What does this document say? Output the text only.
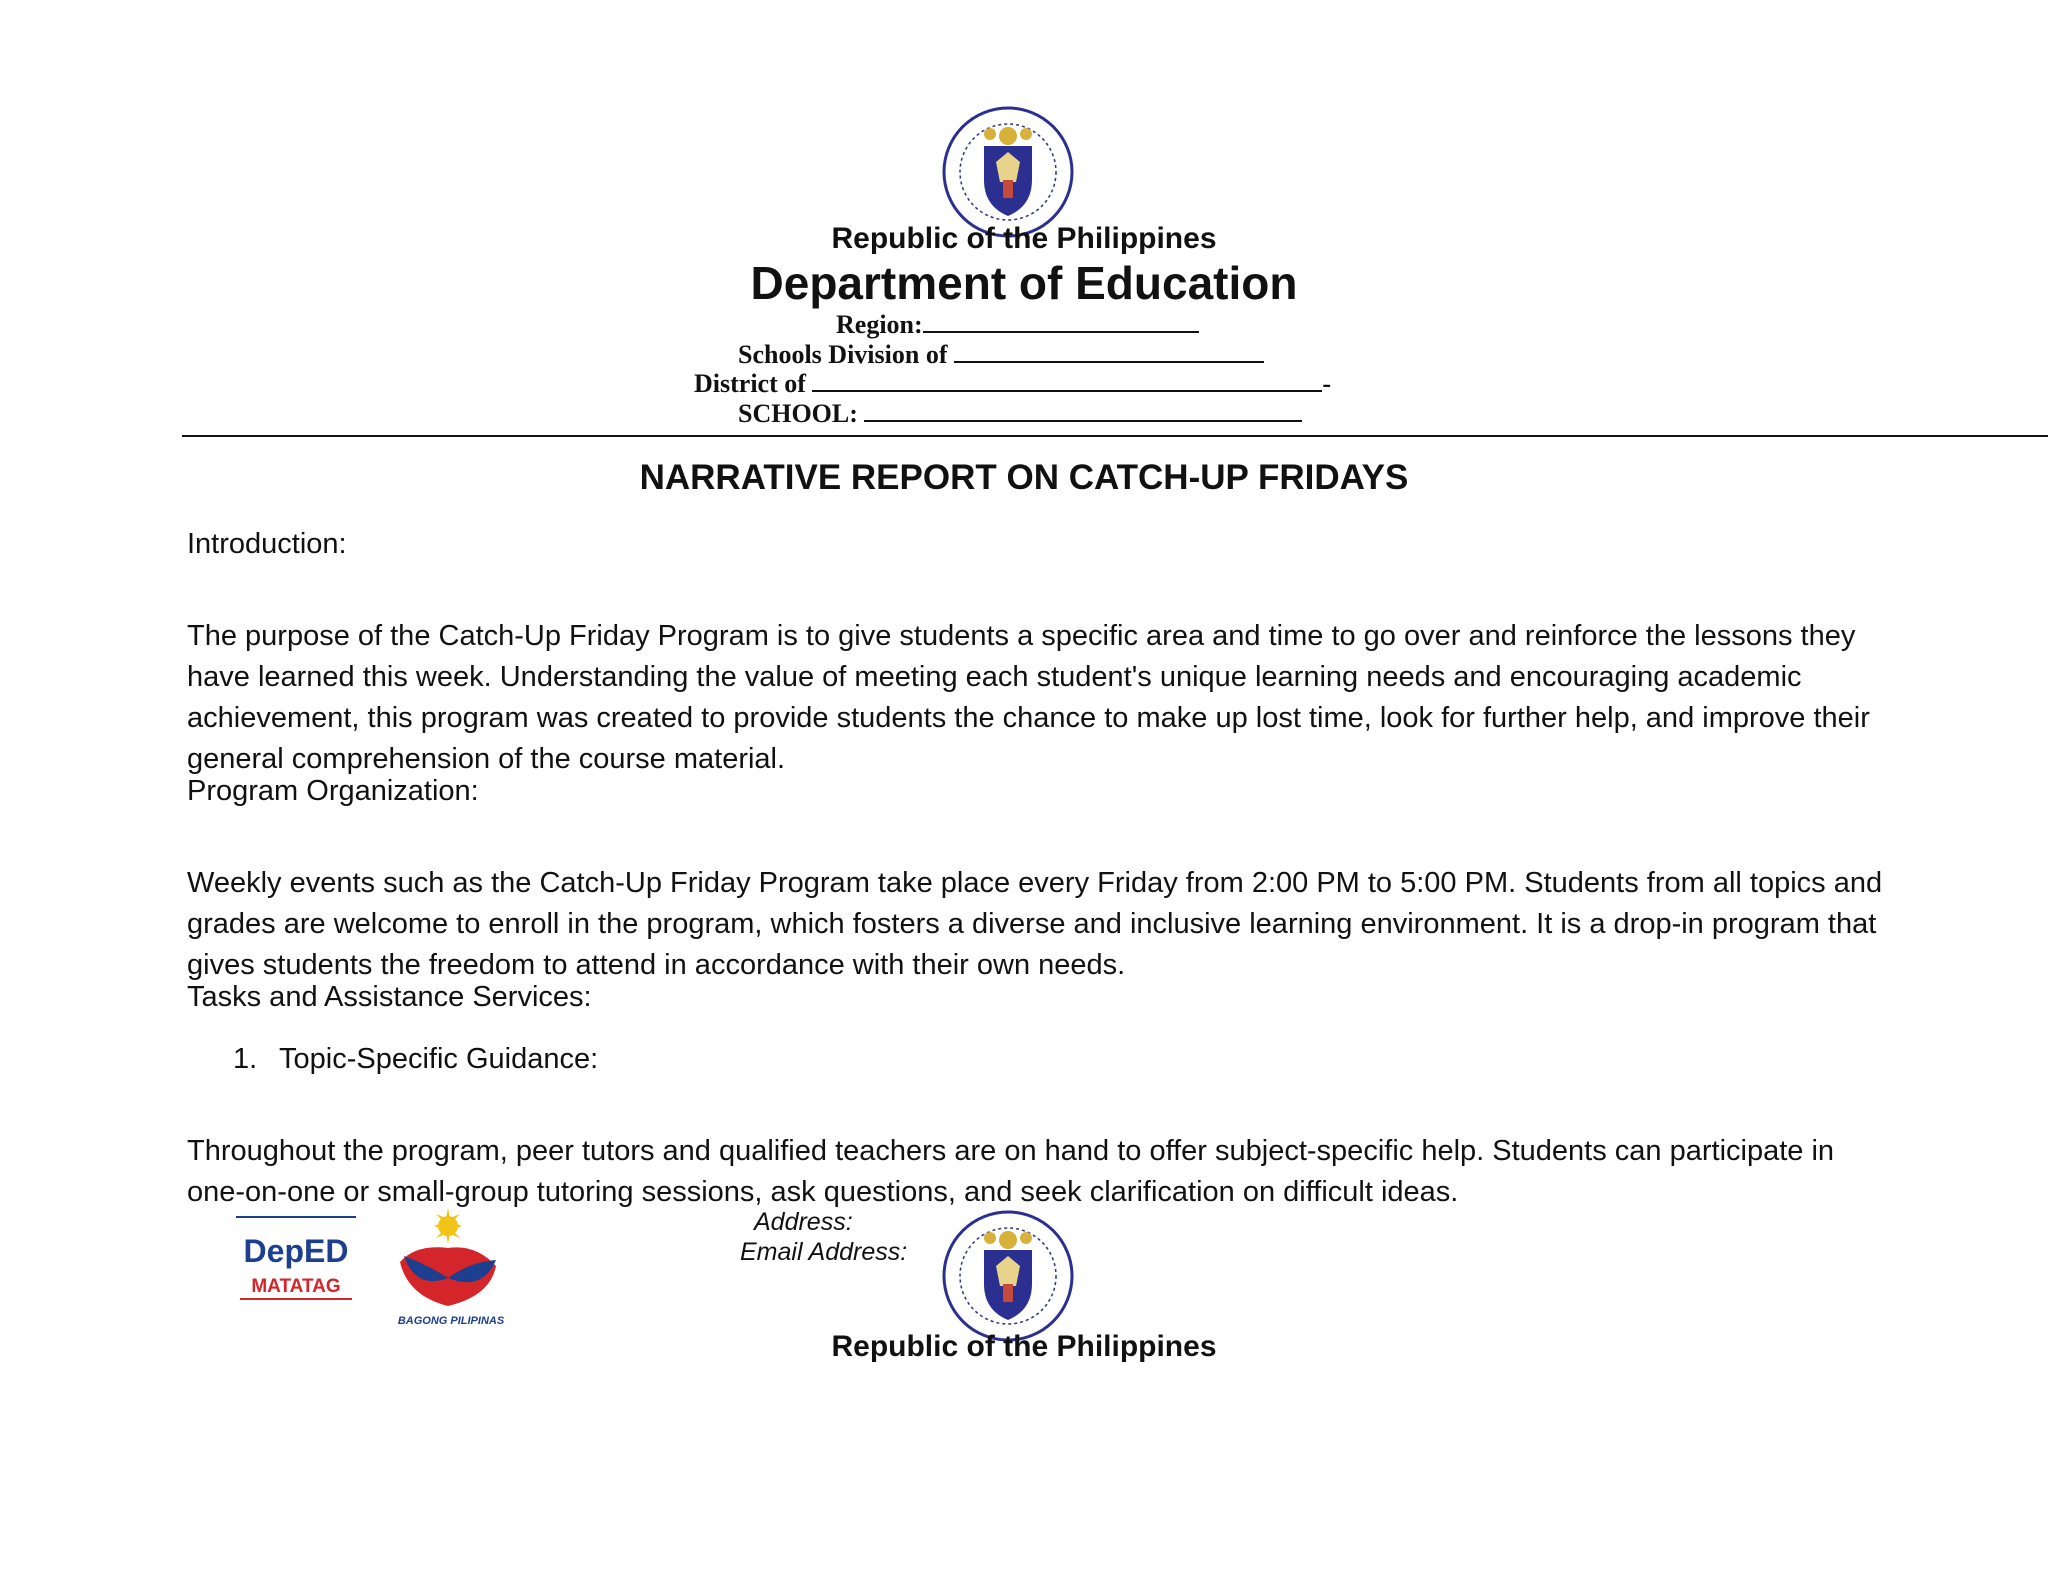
Republic of the Philippines
Department of Education
Region:
Schools Division of
District of	-
SCHOOL:
NARRATIVE REPORT ON CATCH-UP FRIDAYS
Introduction:

The purpose of the Catch-Up Friday Program is to give students a specific area and time to go over and reinforce the lessons they have learned this week. Understanding the value of meeting each student's unique learning needs and encouraging academic achievement, this program was created to provide students the chance to make up lost time, look for further help, and improve their general comprehension of the course material.

Program Organization:

Weekly events such as the Catch-Up Friday Program take place every Friday from 2:00 PM to 5:00 PM. Students from all topics and grades are welcome to enroll in the program, which fosters a diverse and inclusive learning environment. It is a drop-in program that gives students the freedom to attend in accordance with their own needs.

Tasks and Assistance Services:
1. Topic-Specific Guidance:

Throughout the program, peer tutors and qualified teachers are on hand to offer subject-specific help. Students can participate in one-on-one or small-group tutoring sessions, ask questions, and seek clarification on difficult ideas.

DepED
MATATAG
BAGONG PILIPINAS
Address:
Email Address:
Republic of the Philippines
